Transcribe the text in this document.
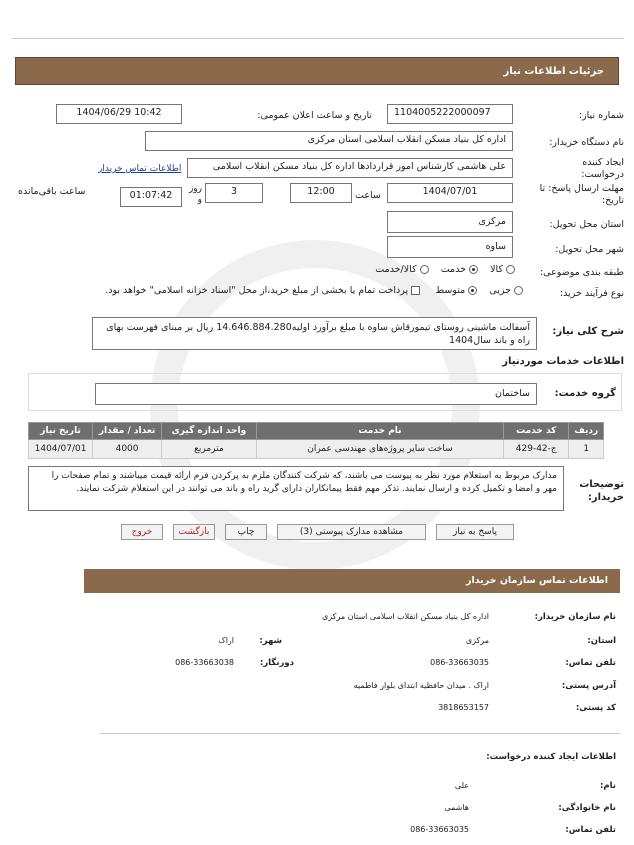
جزئیات اطلاعات نیاز
شماره نیاز:
1104005222000097
تاریخ و ساعت اعلان عمومی:
1404/06/29 10:42
نام دستگاه خریدار:
اداره کل بنیاد مسکن انقلاب اسلامی استان مرکزی
ایجاد کننده درخواست:
علی هاشمی کارشناس امور قراردادها اداره کل بنیاد مسکن انقلاب اسلامی
اطلاعات تماس خریدار
مهلت ارسال پاسخ: تا تاریخ:
1404/07/01
ساعت
12:00
3
روز و
01:07:42
ساعت باقی‌مانده
استان محل تحویل:
مرکزی
شهر محل تحویل:
ساوه
طبقه بندی موضوعی:
کالا     خدمت     کالا/خدمت
نوع فرآیند خرید:
جزیی     متوسط      پرداخت تمام یا بخشی از مبلغ خرید،از محل "اسناد خزانه اسلامی" خواهد بود.
شرح کلی نیاز:
آسفالت ماشینی روستای تیمورقاش ساوه با مبلغ برآورد اولیه14.646.884.280 ریال بر مبنای فهرست بهای راه و باند سال1404
اطلاعات خدمات موردنیاز
گروه خدمت:
ساختمان
ردیف	کد خدمت	نام خدمت	واحد اندازه گیری	تعداد / مقدار	تاریخ نیاز
1	ج-42-429	ساخت سایر پروژه‌های مهندسی عمران	مترمربع	4000	1404/07/01
توضیحات خریدار:
مدارک مربوط به استعلام مورد نظر به پیوست می باشند، که شرکت کنندگان ملزم به پرکردن فرم ارائه قیمت میباشند و تمام صفحات را مهر و امضا و تکمیل کرده و ارسال نمایند. تذکر مهم فقط پیمانکاران دارای گرید راه و باند می توانند در این استعلام شرکت نمایند.
پاسخ به نیاز
مشاهده مدارک پیوستی (3)
چاپ
بازگشت
خروج
اطلاعات تماس سازمان خریدار
نام سازمان خریدار:
اداره کل بنیاد مسکن انقلاب اسلامی استان مرکزی
استان:
مرکزی
شهر:
اراک
تلفن تماس:
086-33663035
دورنگار:
086-33663038
آدرس پستی:
اراک . میدان حافظیه ابتدای بلوار فاطمیه
کد پستی:
3818653157
اطلاعات ایجاد کننده درخواست:
نام:
علی
نام خانوادگی:
هاشمی
تلفن تماس:
086-33663035
